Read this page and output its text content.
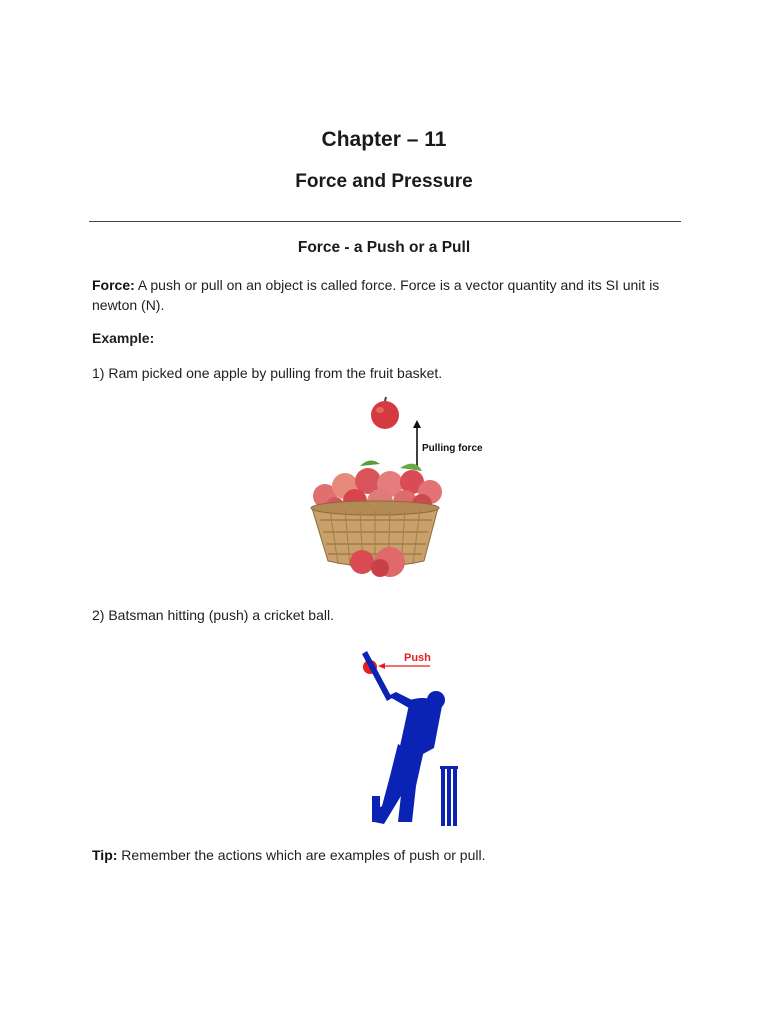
Chapter – 11
Force and Pressure
Force - a Push or a Pull
Force: A push or pull on an object is called force. Force is a vector quantity and its SI unit is newton (N).
Example:
1) Ram picked one apple by pulling from the fruit basket.
Pulling force
2) Batsman hitting (push) a cricket ball.
Push
Tip: Remember the actions which are examples of push or pull.
